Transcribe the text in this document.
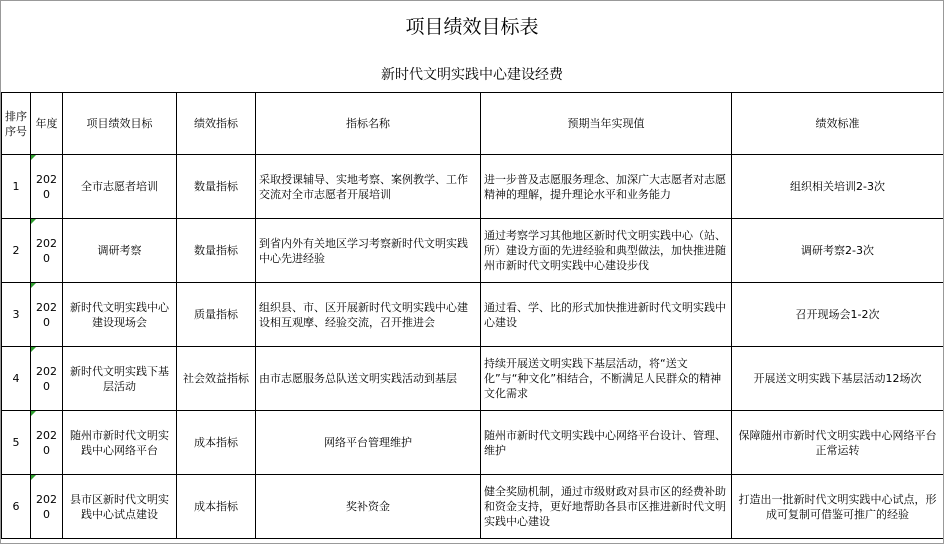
项目绩效目标表
新时代文明实践中心建设经费
排序序号	年度	项目绩效目标	绩效指标	指标名称	预期当年实现值	绩效标准
1	2020	全市志愿者培训	数量指标	采取授课辅导、实地考察、案例教学、工作交流对全市志愿者开展培训	进一步普及志愿服务理念、加深广大志愿者对志愿精神的理解，提升理论水平和业务能力	组织相关培训2-3次
2	2020	调研考察	数量指标	到省内外有关地区学习考察新时代文明实践中心先进经验	通过考察学习其他地区新时代文明实践中心（站、所）建设方面的先进经验和典型做法，加快推进随州市新时代文明实践中心建设步伐	调研考察2-3次
3	2020	新时代文明实践中心建设现场会	质量指标	组织县、市、区开展新时代文明实践中心建设相互观摩、经验交流，召开推进会	通过看、学、比的形式加快推进新时代文明实践中心建设	召开现场会1-2次
4	2020	新时代文明实践下基层活动	社会效益指标	由市志愿服务总队送文明实践活动到基层	持续开展送文明实践下基层活动，将“送文化”与“种文化”相结合，不断满足人民群众的精神文化需求	开展送文明实践下基层活动12场次
5	2020	随州市新时代文明实践中心网络平台	成本指标	网络平台管理维护	随州市新时代文明实践中心网络平台设计、管理、维护	保障随州市新时代文明实践中心网络平台正常运转
6	2020	县市区新时代文明实践中心试点建设	成本指标	奖补资金	健全奖励机制，通过市级财政对县市区的经费补助和资金支持，更好地帮助各县市区推进新时代文明实践中心建设	打造出一批新时代文明实践中心试点，形成可复制可借鉴可推广的经验
